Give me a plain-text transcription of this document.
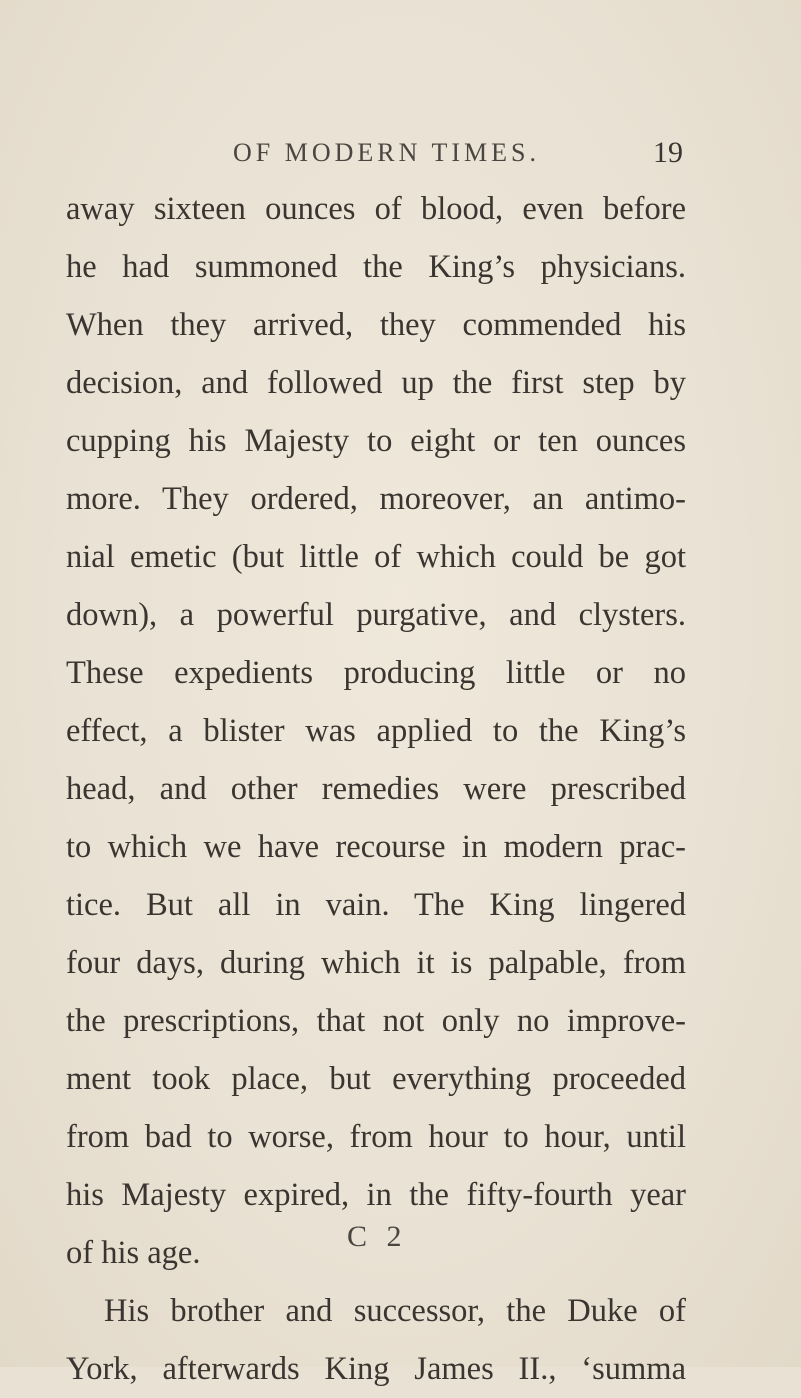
OF MODERN TIMES.	19
away sixteen ounces of blood, even before
he had summoned the King’s physicians.
When they arrived, they commended his
decision, and followed up the first step by
cupping his Majesty to eight or ten ounces
more. They ordered, moreover, an antimo-
nial emetic (but little of which could be got
down), a powerful purgative, and clysters.
These expedients producing little or no
effect, a blister was applied to the King’s
head, and other remedies were prescribed
to which we have recourse in modern prac-
tice. But all in vain. The King lingered
four days, during which it is palpable, from
the prescriptions, that not only no improve-
ment took place, but everything proceeded
from bad to worse, from hour to hour, until
his Majesty expired, in the fifty-fourth year
of his age.
His brother and successor, the Duke of
York, afterwards King James II., ‘summa
C 2
